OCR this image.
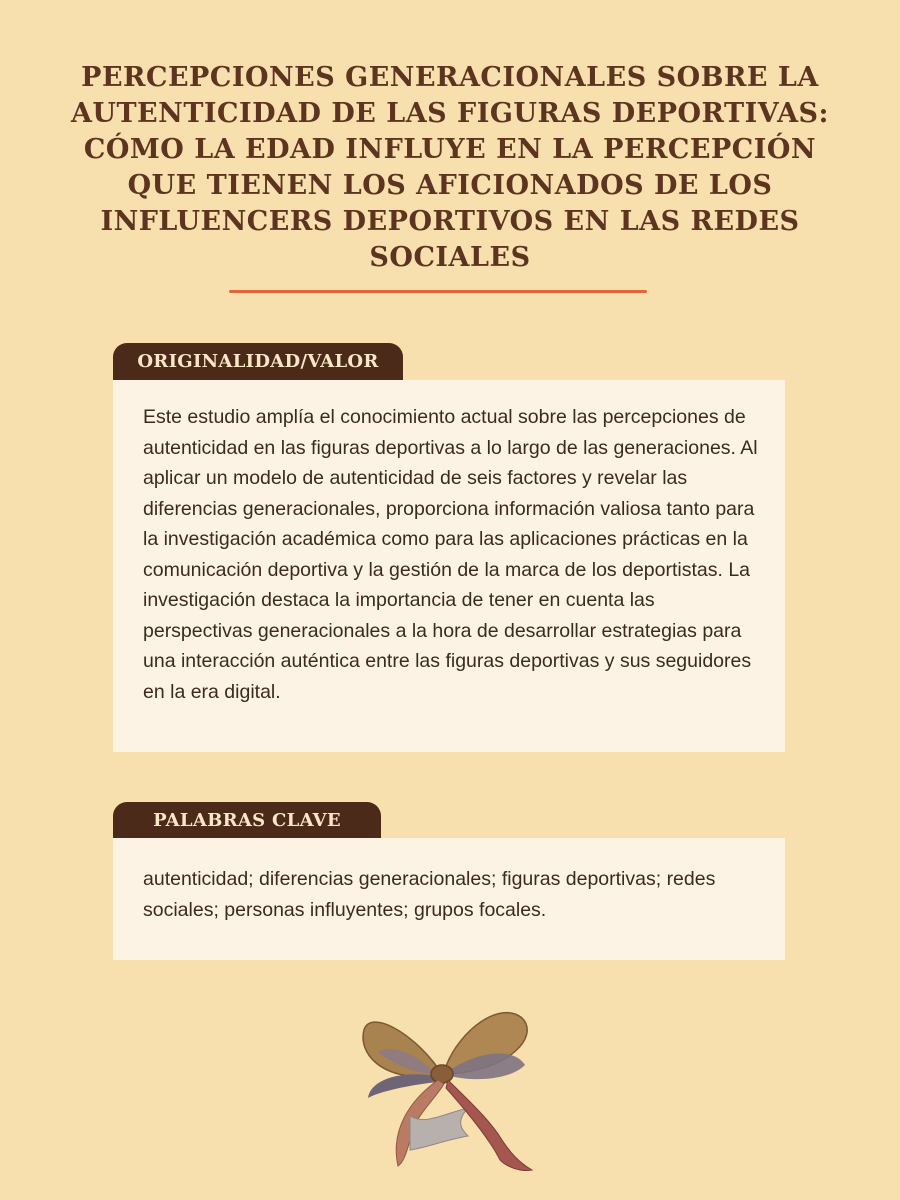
PERCEPCIONES GENERACIONALES SOBRE LA AUTENTICIDAD DE LAS FIGURAS DEPORTIVAS: CÓMO LA EDAD INFLUYE EN LA PERCEPCIÓN QUE TIENEN LOS AFICIONADOS DE LOS INFLUENCERS DEPORTIVOS EN LAS REDES SOCIALES
ORIGINALIDAD/VALOR

Este estudio amplía el conocimiento actual sobre las percepciones de autenticidad en las figuras deportivas a lo largo de las generaciones. Al aplicar un modelo de autenticidad de seis factores y revelar las diferencias generacionales, proporciona información valiosa tanto para la investigación académica como para las aplicaciones prácticas en la comunicación deportiva y la gestión de la marca de los deportistas. La investigación destaca la importancia de tener en cuenta las perspectivas generacionales a la hora de desarrollar estrategias para una interacción auténtica entre las figuras deportivas y sus seguidores en la era digital.

PALABRAS CLAVE

autenticidad; diferencias generacionales; figuras deportivas; redes sociales; personas influyentes; grupos focales.
